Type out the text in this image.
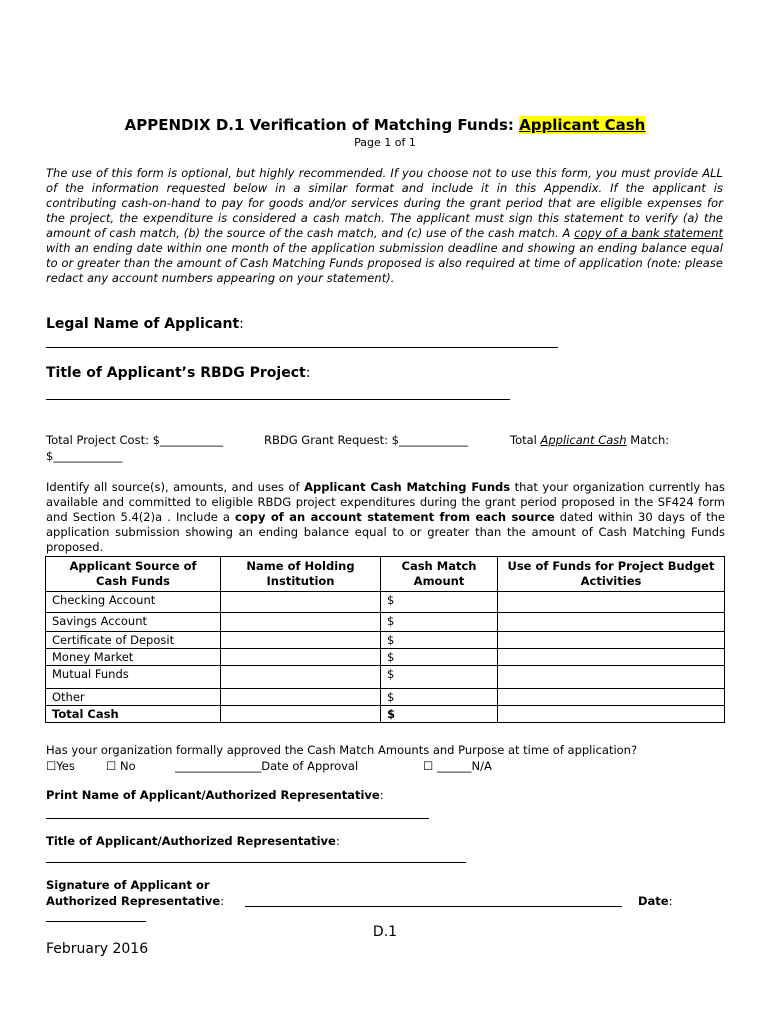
APPENDIX D.1 Verification of Matching Funds: Applicant Cash
Page 1 of 1
The use of this form is optional, but highly recommended. If you choose not to use this form, you must provide ALL of the information requested below in a similar format and include it in this Appendix. If the applicant is contributing cash-on-hand to pay for goods and/or services during the grant period that are eligible expenses for the project, the expenditure is considered a cash match. The applicant must sign this statement to verify (a) the amount of cash match, (b) the source of the cash match, and (c) use of the cash match. A copy of a bank statement with an ending date within one month of the application submission deadline and showing an ending balance equal to or greater than the amount of Cash Matching Funds proposed is also required at time of application (note: please redact any account numbers appearing on your statement).
Legal Name of Applicant:
Title of Applicant’s RBDG Project:
Total Project Cost: $___________	RBDG Grant Request: $____________	Total Applicant Cash Match:
$____________
Identify all source(s), amounts, and uses of Applicant Cash Matching Funds that your organization currently has available and committed to eligible RBDG project expenditures during the grant period proposed in the SF424 form and Section 5.4(2)a . Include a copy of an account statement from each source dated within 30 days of the application submission showing an ending balance equal to or greater than the amount of Cash Matching Funds proposed.
Applicant Source of Cash Funds	Name of Holding Institution	Cash Match Amount	Use of Funds for Project Budget Activities
Checking Account		$	
Savings Account		$	
Certificate of Deposit		$	
Money Market		$	
Mutual Funds		$	
Other		$	
Total Cash		$	
Has your organization formally approved the Cash Match Amounts and Purpose at time of application?
☐Yes	☐ No	_______________Date of Approval	☐ ______N/A
Print Name of Applicant/Authorized Representative:
Title of Applicant/Authorized Representative:
Signature of Applicant or
Authorized Representative:	Date:
D.1
February 2016
